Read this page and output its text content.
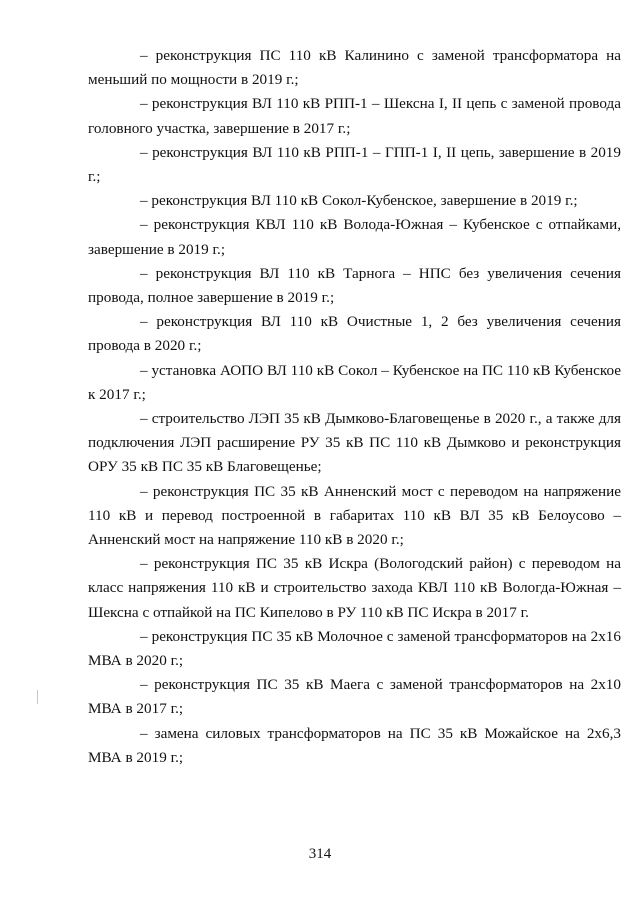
– реконструкция ПС 110 кВ Калинино с заменой трансформатора на меньший по мощности в 2019 г.;

– реконструкция ВЛ 110 кВ РПП-1 – Шексна I, II цепь с заменой провода головного участка, завершение в 2017 г.;

– реконструкция ВЛ 110 кВ РПП-1 – ГПП-1 I, II цепь, завершение в 2019 г.;

– реконструкция ВЛ 110 кВ Сокол-Кубенское, завершение в 2019 г.;

– реконструкция КВЛ 110 кВ Волода-Южная – Кубенское с отпайками, завершение в 2019 г.;

– реконструкция ВЛ 110 кВ Тарнога – НПС без увеличения сечения провода, полное завершение в 2019 г.;

– реконструкция ВЛ 110 кВ Очистные 1, 2 без увеличения сечения провода в 2020 г.;

– установка АОПО ВЛ 110 кВ Сокол – Кубенское на ПС 110 кВ Кубенское к 2017 г.;

– строительство ЛЭП 35 кВ Дымково-Благовещенье в 2020 г., а также для подключения ЛЭП расширение РУ 35 кВ ПС 110 кВ Дымково и реконструкция ОРУ 35 кВ ПС 35 кВ Благовещенье;

– реконструкция ПС 35 кВ Анненский мост с переводом на напряжение 110 кВ и перевод построенной в габаритах 110 кВ ВЛ 35 кВ Белоусово – Анненский мост на напряжение 110 кВ в 2020 г.;

– реконструкция ПС 35 кВ Искра (Вологодский район) с переводом на класс напряжения 110 кВ и строительство захода КВЛ 110 кВ Вологда-Южная – Шексна с отпайкой на ПС Кипелово в РУ 110 кВ ПС Искра в 2017 г.

– реконструкция ПС 35 кВ Молочное с заменой трансформаторов на 2х16 МВА в 2020 г.;

– реконструкция ПС 35 кВ Маега с заменой трансформаторов на 2х10 МВА в 2017 г.;

– замена силовых трансформаторов на ПС 35 кВ Можайское на 2х6,3 МВА в 2019 г.;

314
